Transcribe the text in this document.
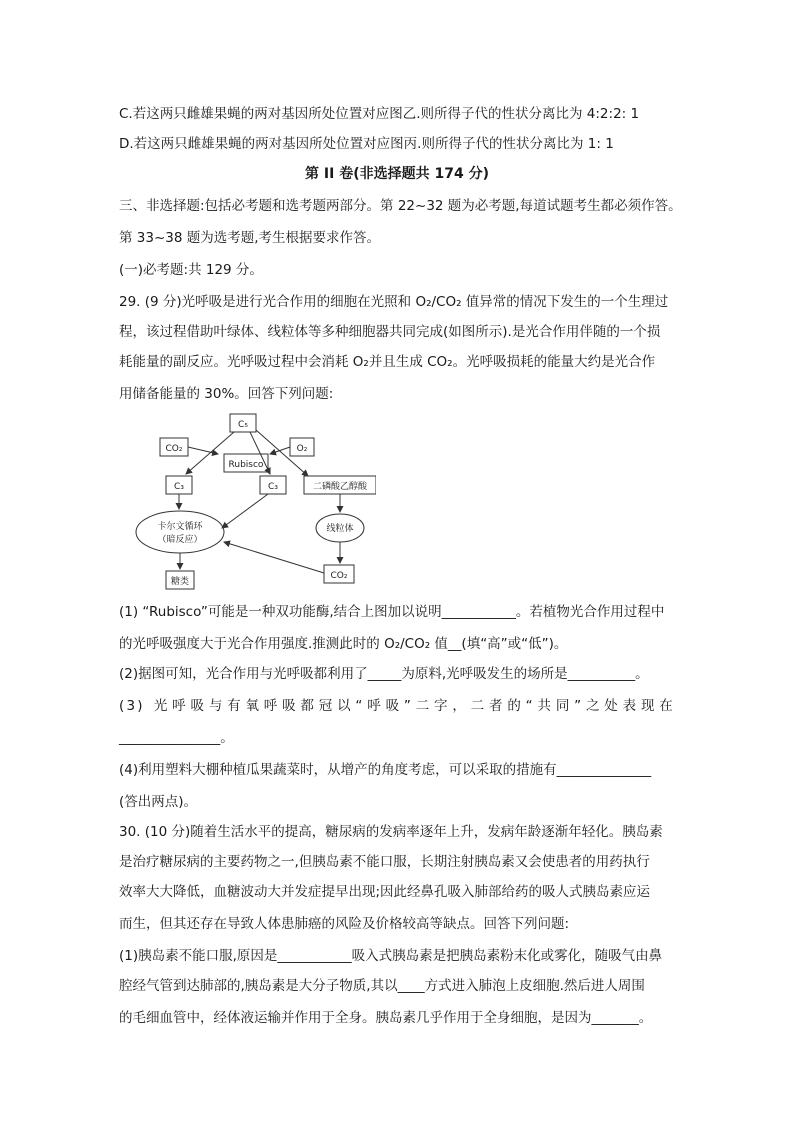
C.若这两只雌雄果蝇的两对基因所处位置对应图乙.则所得子代的性状分离比为 4:2:2: 1
D.若这两只雌雄果蝇的两对基因所处位置对应图丙.则所得子代的性状分离比为 1: 1
第 II 卷(非选择题共 174 分)
三、非选择题:包括必考题和选考题两部分。第 22~32 题为必考题,每道试题考生都必须作答。
第 33~38 题为选考题,考生根据要求作答。
(一)必考题:共 129 分。
29. (9 分)光呼吸是进行光合作用的细胞在光照和 O₂/CO₂ 值异常的情况下发生的一个生理过
程，该过程借助叶绿体、线粒体等多种细胞器共同完成(如图所示).是光合作用伴随的一个损
耗能量的副反应。光呼吸过程中会消耗 O₂并且生成 CO₂。光呼吸损耗的能量大约是光合作
用储备能量的 30%。回答下列问题:
C₅
CO₂	O₂
Rubisco
C₃	C₃	二磷酸乙醇酸
卡尔文循环
（暗反应）
线粒体
糖类
CO₂
(1) “Rubisco”可能是一种双功能酶,结合上图加以说明___________。若植物光合作用过程中
的光呼吸强度大于光合作用强度.推测此时的 O₂/CO₂ 值__(填“高”或“低”)。
(2)据图可知，光合作用与光呼吸都利用了_____为原料,光呼吸发生的场所是__________。
(3) 光呼吸与有氧呼吸都冠以“呼吸”二字，二者的“共同”之处表现在
_______________。
(4)利用塑料大棚种植瓜果蔬菜时，从增产的角度考虑，可以采取的措施有______________
(答出两点)。
30. (10 分)随着生活水平的提高，糖尿病的发病率逐年上升，发病年龄逐渐年轻化。胰岛素
是治疗糖尿病的主要药物之一,但胰岛素不能口服，长期注射胰岛素又会使患者的用药执行
效率大大降低，血糖波动大并发症提早出现;因此经鼻孔吸入肺部给药的吸人式胰岛素应运
而生，但其还存在导致人体患肺癌的风险及价格较高等缺点。回答下列问题:
(1)胰岛素不能口服,原因是___________吸入式胰岛素是把胰岛素粉末化或雾化，随吸气由鼻
腔经气管到达肺部的,胰岛素是大分子物质,其以____方式进入肺泡上皮细胞.然后进人周围
的毛细血管中，经体液运输并作用于全身。胰岛素几乎作用于全身细胞，是因为_______。
